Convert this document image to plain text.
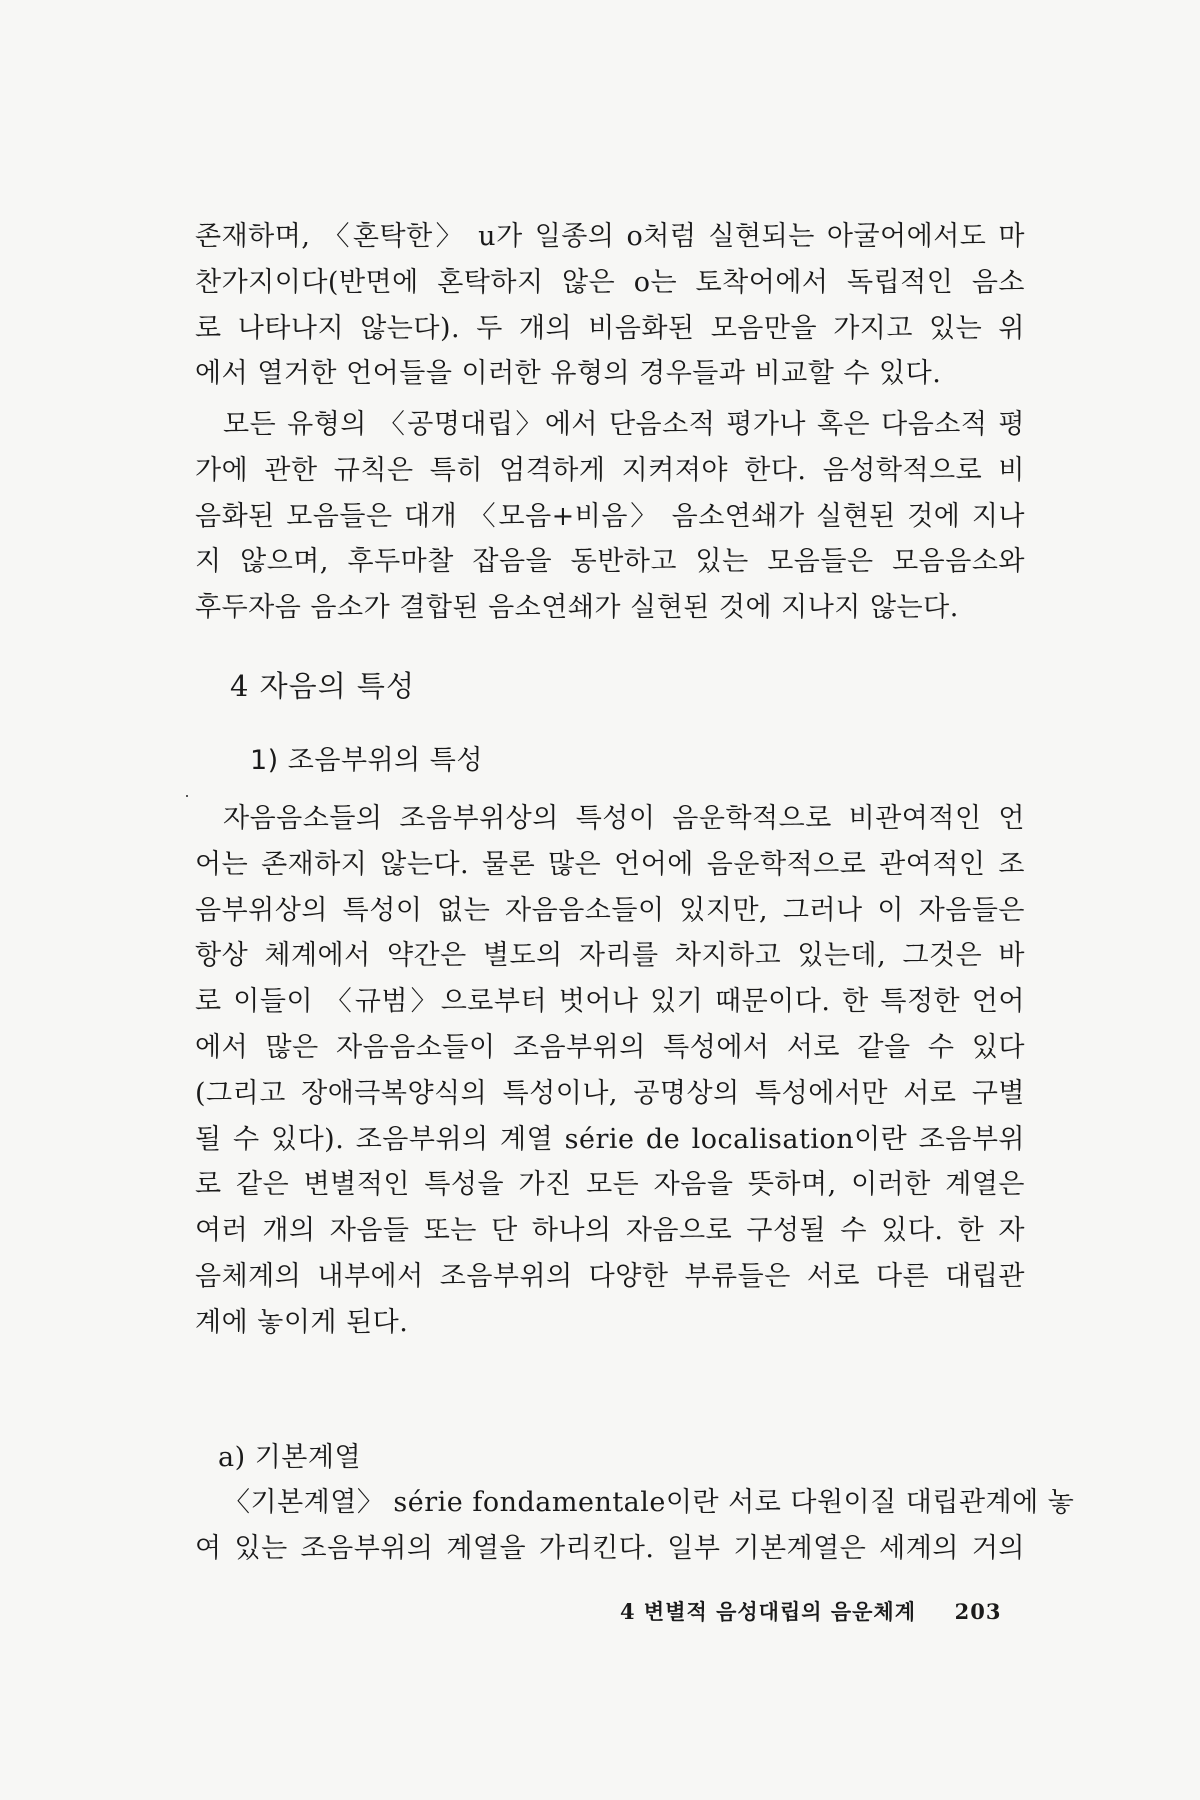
존재하며, 〈혼탁한〉 u가 일종의 o처럼 실현되는 아굴어에서도 마
찬가지이다(반면에 혼탁하지 않은 o는 토착어에서 독립적인 음소
로 나타나지 않는다). 두 개의 비음화된 모음만을 가지고 있는 위
에서 열거한 언어들을 이러한 유형의 경우들과 비교할 수 있다.
모든 유형의 〈공명대립〉에서 단음소적 평가나 혹은 다음소적 평
가에 관한 규칙은 특히 엄격하게 지켜져야 한다. 음성학적으로 비
음화된 모음들은 대개 〈모음+비음〉 음소연쇄가 실현된 것에 지나
지 않으며, 후두마찰 잡음을 동반하고 있는 모음들은 모음음소와
후두자음 음소가 결합된 음소연쇄가 실현된 것에 지나지 않는다.
4 자음의 특성
1) 조음부위의 특성
자음음소들의 조음부위상의 특성이 음운학적으로 비관여적인 언
어는 존재하지 않는다. 물론 많은 언어에 음운학적으로 관여적인 조
음부위상의 특성이 없는 자음음소들이 있지만, 그러나 이 자음들은
항상 체계에서 약간은 별도의 자리를 차지하고 있는데, 그것은 바
로 이들이 〈규범〉으로부터 벗어나 있기 때문이다. 한 특정한 언어
에서 많은 자음음소들이 조음부위의 특성에서 서로 같을 수 있다
(그리고 장애극복양식의 특성이나, 공명상의 특성에서만 서로 구별
될 수 있다). 조음부위의 계열 série de localisation이란 조음부위
로 같은 변별적인 특성을 가진 모든 자음을 뜻하며, 이러한 계열은
여러 개의 자음들 또는 단 하나의 자음으로 구성될 수 있다. 한 자
음체계의 내부에서 조음부위의 다양한 부류들은 서로 다른 대립관
계에 놓이게 된다.
a) 기본계열
〈기본계열〉 série fondamentale이란 서로 다원이질 대립관계에 놓
여 있는 조음부위의 계열을 가리킨다. 일부 기본계열은 세계의 거의
4 변별적 음성대립의 음운체계 203
